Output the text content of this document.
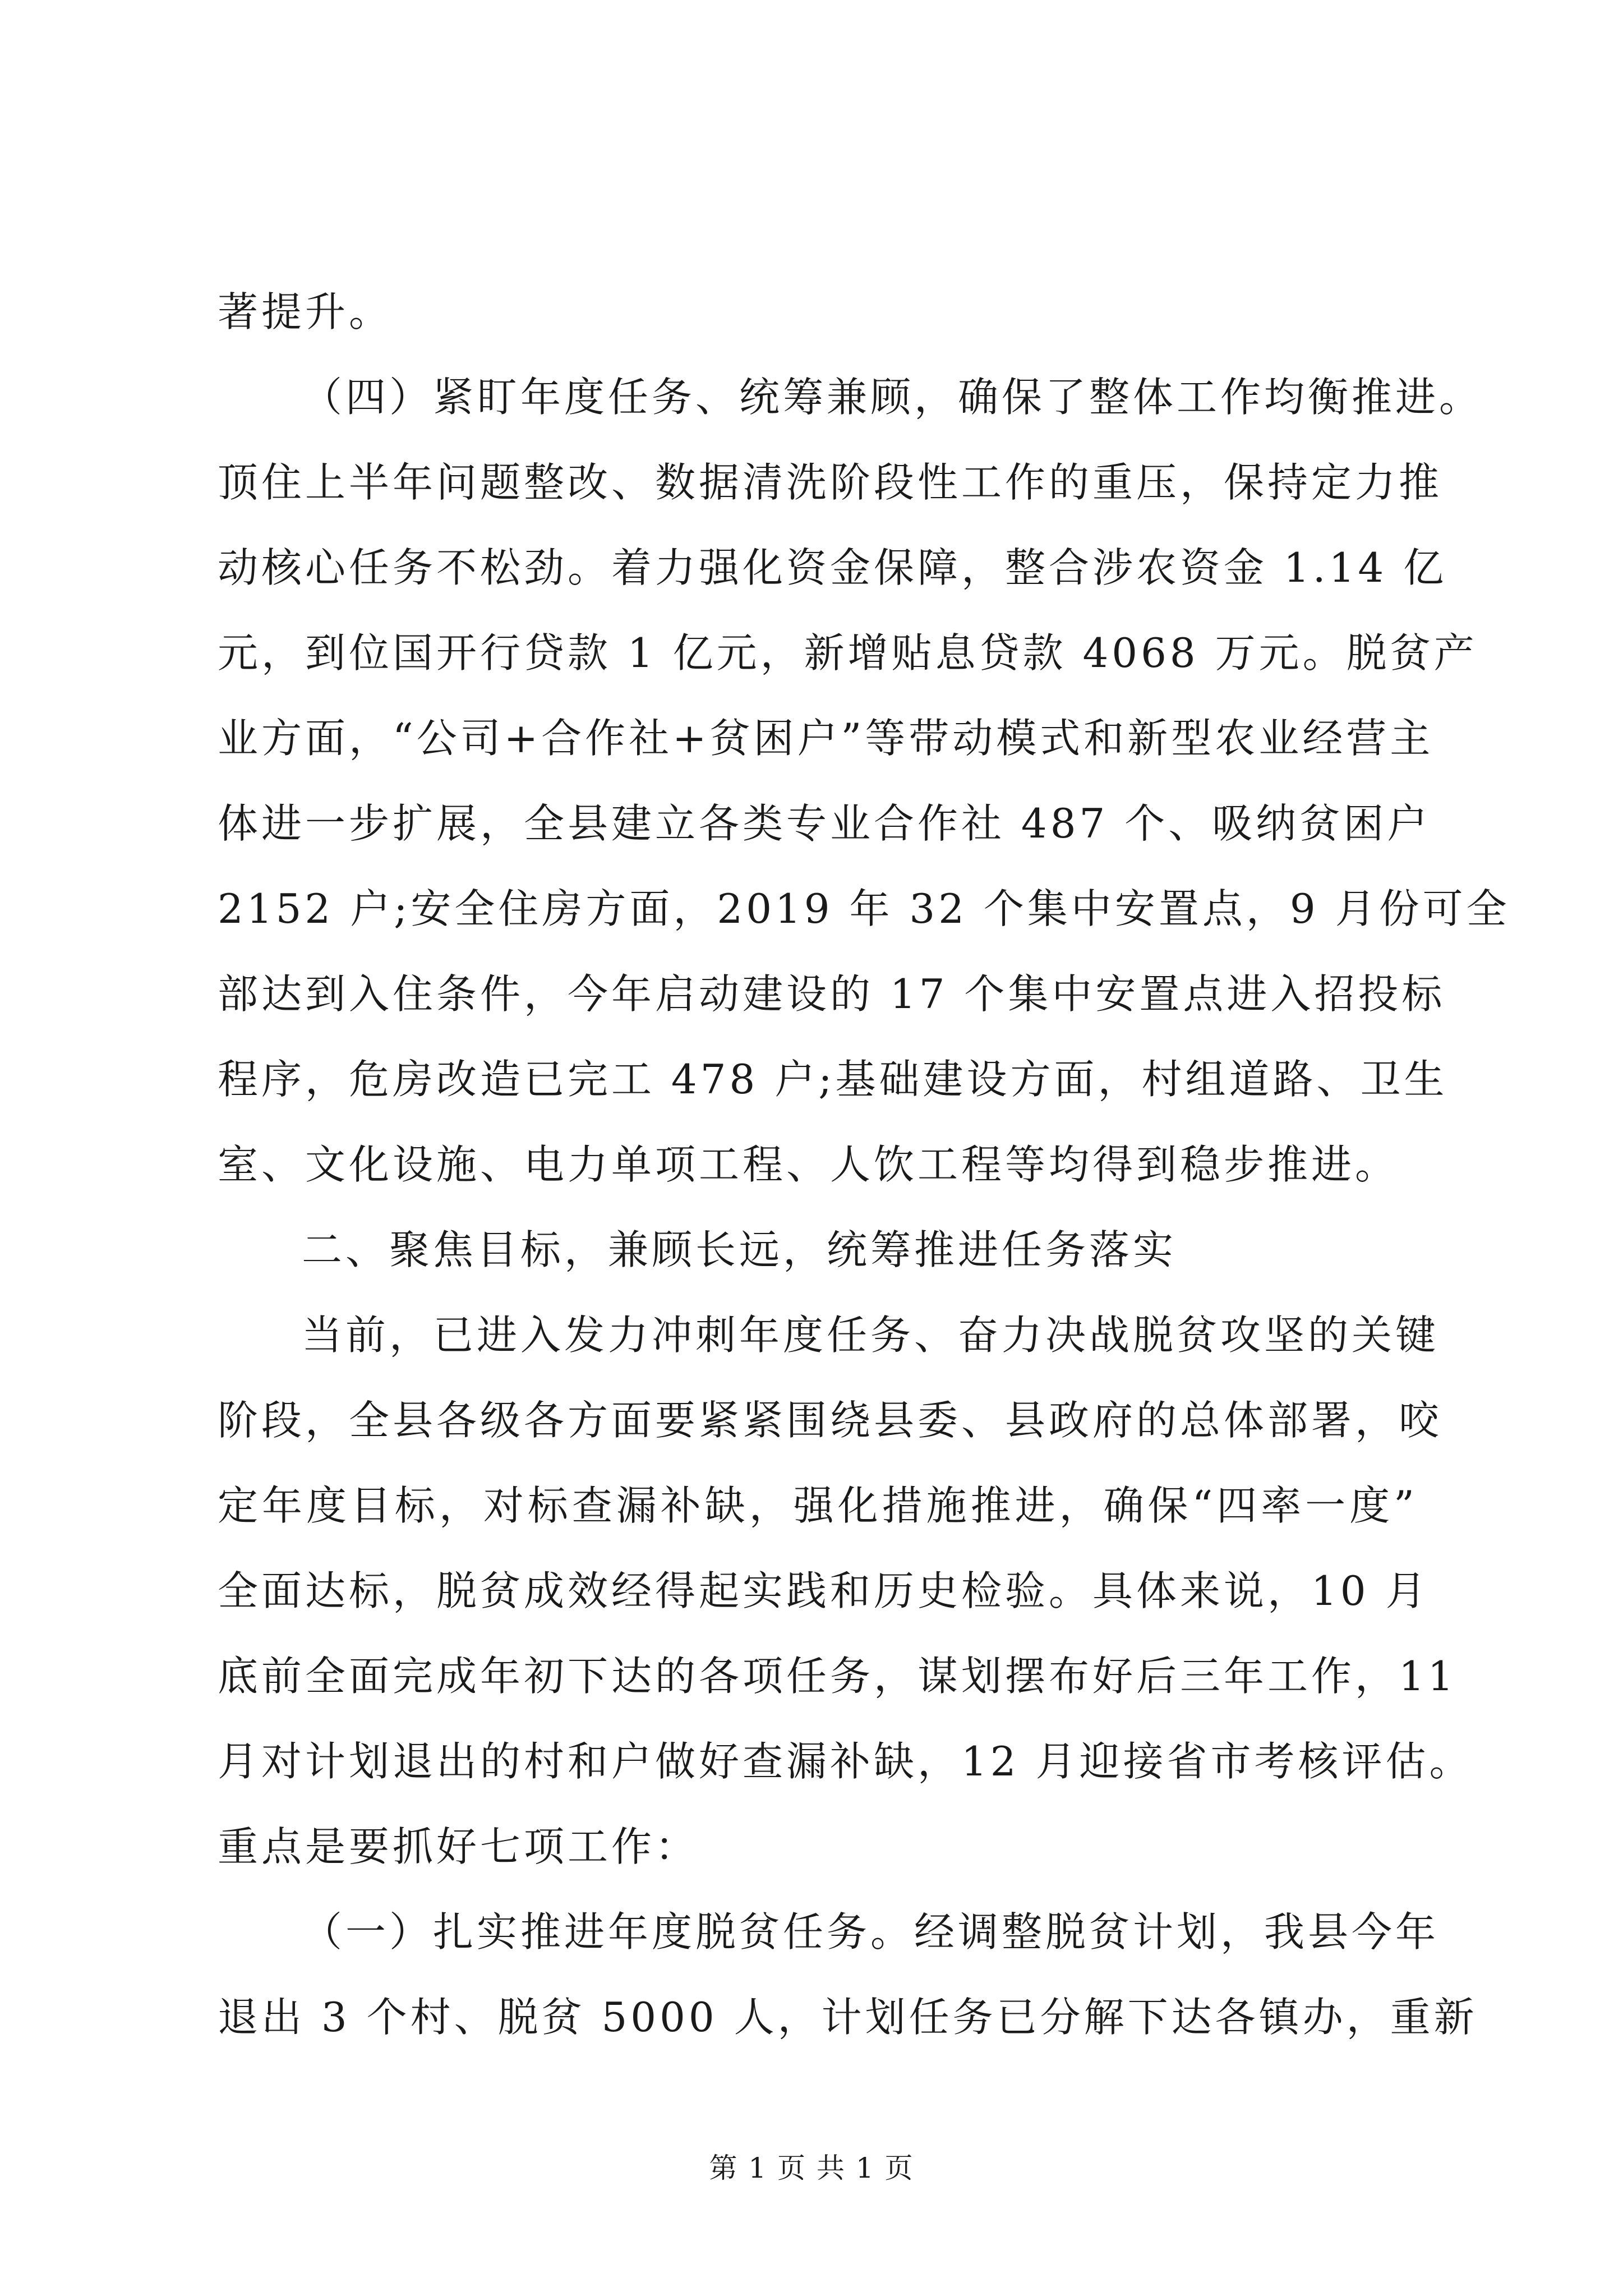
著提升。
（四）紧盯年度任务、统筹兼顾，确保了整体工作均衡推进。
顶住上半年问题整改、数据清洗阶段性工作的重压，保持定力推
动核心任务不松劲。着力强化资金保障，整合涉农资金 1.14 亿
元，到位国开行贷款 1 亿元，新增贴息贷款 4068 万元。脱贫产
业方面，“公司+合作社+贫困户”等带动模式和新型农业经营主
体进一步扩展，全县建立各类专业合作社 487 个、吸纳贫困户
2152 户;安全住房方面，2019 年 32 个集中安置点，9 月份可全
部达到入住条件，今年启动建设的 17 个集中安置点进入招投标
程序，危房改造已完工 478 户;基础建设方面，村组道路、卫生
室、文化设施、电力单项工程、人饮工程等均得到稳步推进。
二、聚焦目标，兼顾长远，统筹推进任务落实
当前，已进入发力冲刺年度任务、奋力决战脱贫攻坚的关键
阶段，全县各级各方面要紧紧围绕县委、县政府的总体部署，咬
定年度目标，对标查漏补缺，强化措施推进，确保“四率一度”
全面达标，脱贫成效经得起实践和历史检验。具体来说，10 月
底前全面完成年初下达的各项任务，谋划摆布好后三年工作，11
月对计划退出的村和户做好查漏补缺，12 月迎接省市考核评估。
重点是要抓好七项工作：
（一）扎实推进年度脱贫任务。经调整脱贫计划，我县今年
退出 3 个村、脱贫 5000 人，计划任务已分解下达各镇办，重新
第 1 页 共 1 页
